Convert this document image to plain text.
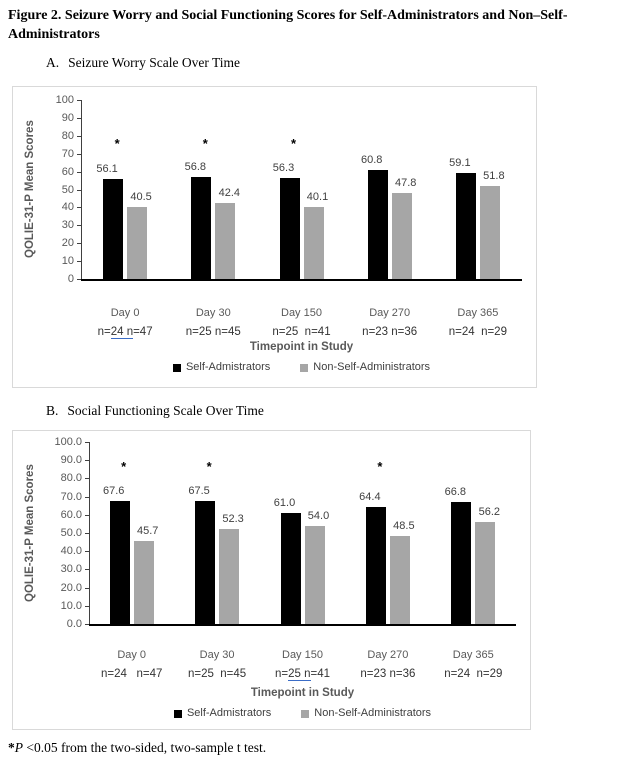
Figure 2. Seizure Worry and Social Functioning Scores for Self-Administrators and Non–Self-Administrators
A. Seizure Worry Scale Over Time
QOLIE-31-P Mean Scores
0
10
20
30
40
50
60
70
80
90
100
56.1
40.5
*
Day 0
n=24 n=47
56.8
42.4
*
Day 30
n=25 n=45
56.3
40.1
*
Day 150
n=25  n=41
60.8
47.8
Day 270
n=23 n=36
59.1
51.8
Day 365
n=24  n=29
Timepoint in Study
Self-Admistrators	Non-Self-Administrators
B. Social Functioning Scale Over Time
QOLIE-31-P Mean Scores
0.0
10.0
20.0
30.0
40.0
50.0
60.0
70.0
80.0
90.0
100.0
67.6
45.7
*
Day 0
n=24   n=47
67.5
52.3
*
Day 30
n=25  n=45
61.0
54.0
Day 150
n=25 n=41
64.4
48.5
*
Day 270
n=23 n=36
66.8
56.2
Day 365
n=24  n=29
Timepoint in Study
Self-Admistrators	Non-Self-Administrators
*P <0.05 from the two-sided, two-sample t test.
